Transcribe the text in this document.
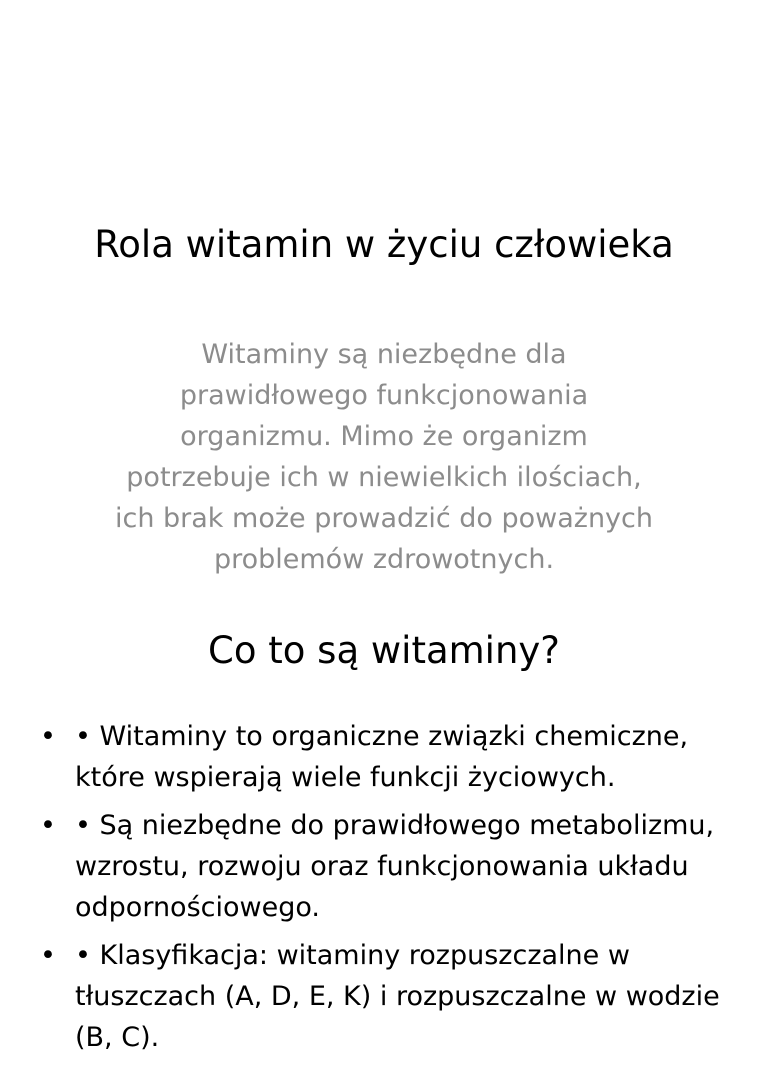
Rola witamin w życiu człowieka

Witaminy są niezbędne dla prawidłowego funkcjonowania organizmu. Mimo że organizm potrzebuje ich w niewielkich ilościach, ich brak może prowadzić do poważnych problemów zdrowotnych.

Co to są witaminy?
• • Witaminy to organiczne związki chemiczne, które wspierają wiele funkcji życiowych.
• • Są niezbędne do prawidłowego metabolizmu, wzrostu, rozwoju oraz funkcjonowania układu odpornościowego.
• • Klasyfikacja: witaminy rozpuszczalne w tłuszczach (A, D, E, K) i rozpuszczalne w wodzie (B, C).
